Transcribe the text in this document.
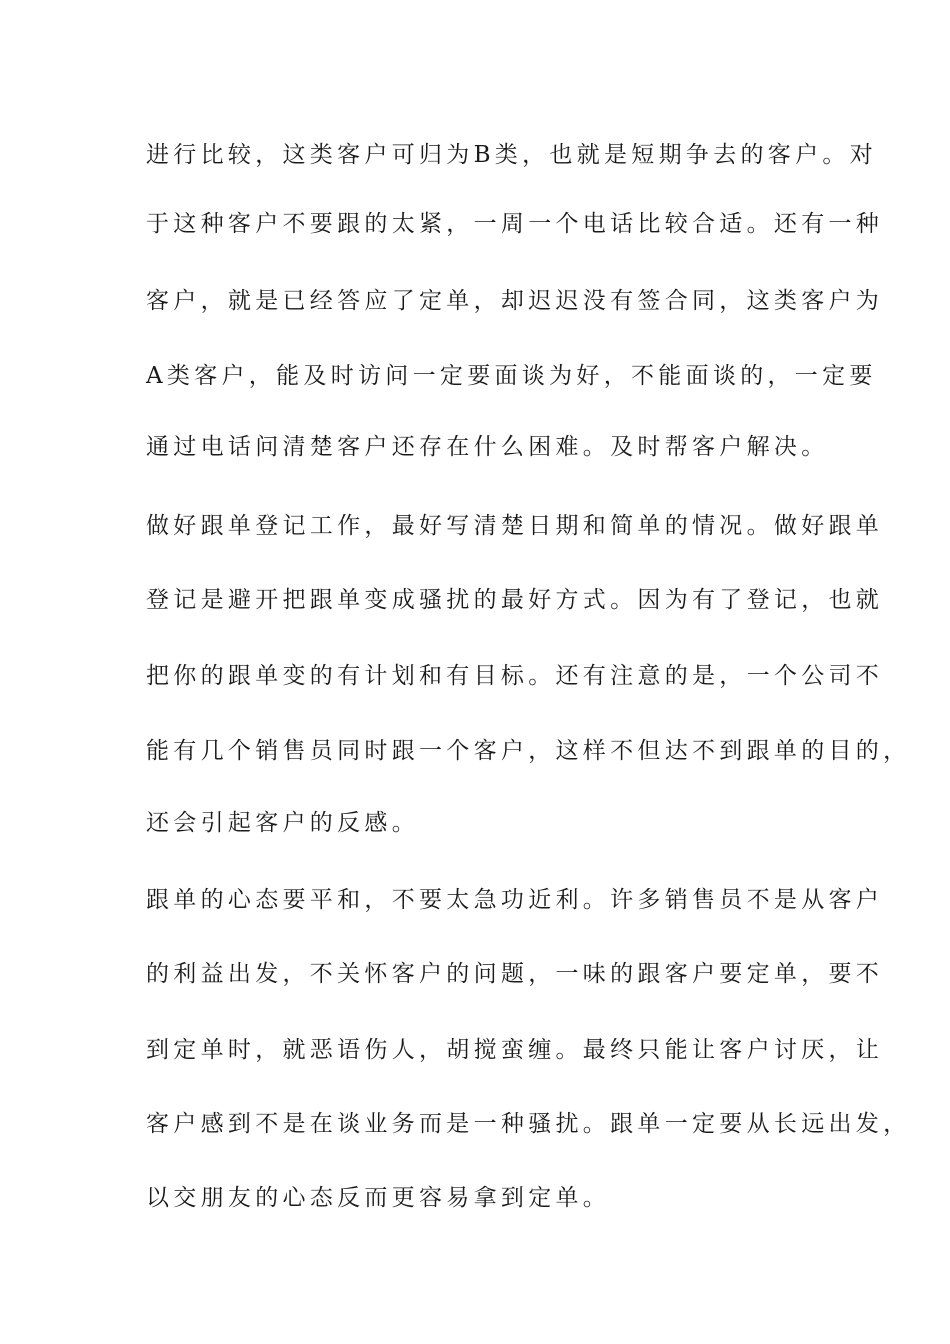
进行比较，这类客户可归为B类，也就是短期争去的客户。对
于这种客户不要跟的太紧，一周一个电话比较合适。还有一种
客户，就是已经答应了定单，却迟迟没有签合同，这类客户为
A类客户，能及时访问一定要面谈为好，不能面谈的，一定要
通过电话问清楚客户还存在什么困难。及时帮客户解决。
做好跟单登记工作，最好写清楚日期和简单的情况。做好跟单
登记是避开把跟单变成骚扰的最好方式。因为有了登记，也就
把你的跟单变的有计划和有目标。还有注意的是，一个公司不
能有几个销售员同时跟一个客户，这样不但达不到跟单的目的，
还会引起客户的反感。
跟单的心态要平和，不要太急功近利。许多销售员不是从客户
的利益出发，不关怀客户的问题，一味的跟客户要定单，要不
到定单时，就恶语伤人，胡搅蛮缠。最终只能让客户讨厌，让
客户感到不是在谈业务而是一种骚扰。跟单一定要从长远出发，
以交朋友的心态反而更容易拿到定单。
